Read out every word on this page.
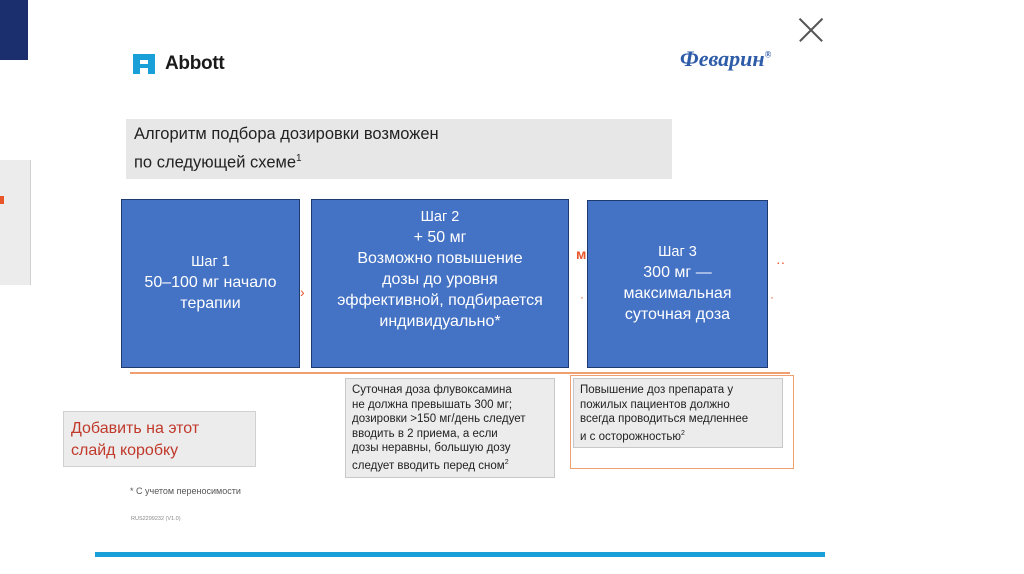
Abbott	Феварин®
Алгоритм подбора дозировки возможен
по следующей схеме$^1$
›
м
·
··
·
Шаг 1
50–100 мг начало
терапии
Шаг 2
+ 50 мг
Возможно повышение
дозы до уровня
эффективной, подбирается
индивидуально*
Шаг 3
300 мг —
максимальная
суточная доза
Суточная доза флувоксамина
не должна превышать 300 мг;
дозировки >150 мг/день следует
вводить в 2 приема, а если
дозы неравны, большую дозу
следует вводить перед сном$^2$
Повышение доз препарата у
пожилых пациентов должно
всегда проводиться медленнее
и с осторожностью$^2$
Добавить на этот
слайд коробку
* С учетом переносимости
RUS2299232 (V1.0)
